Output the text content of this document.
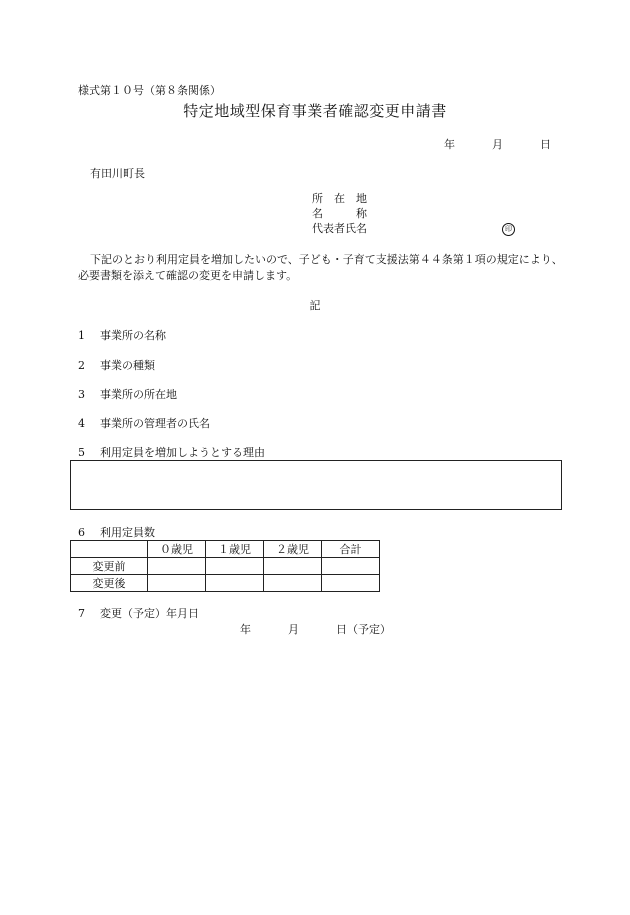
様式第１０号（第８条関係）
特定地域型保育事業者確認変更申請書
年	月	日
有田川町長
所　在　地
名　　　称
代表者氏名	印

下記のとおり利用定員を増加したいので、子ども・子育て支援法第４４条第１項の規定により、必要書類を添えて確認の変更を申請します。

記
1 事業所の名称
2 事業の種類
3 事業所の所在地
4 事業所の管理者の氏名
5 利用定員を増加しようとする理由
6 利用定員数
	０歳児	１歳児	２歳児	合計
変更前				
変更後				
7 変更（予定）年月日
年	月	日（予定）
